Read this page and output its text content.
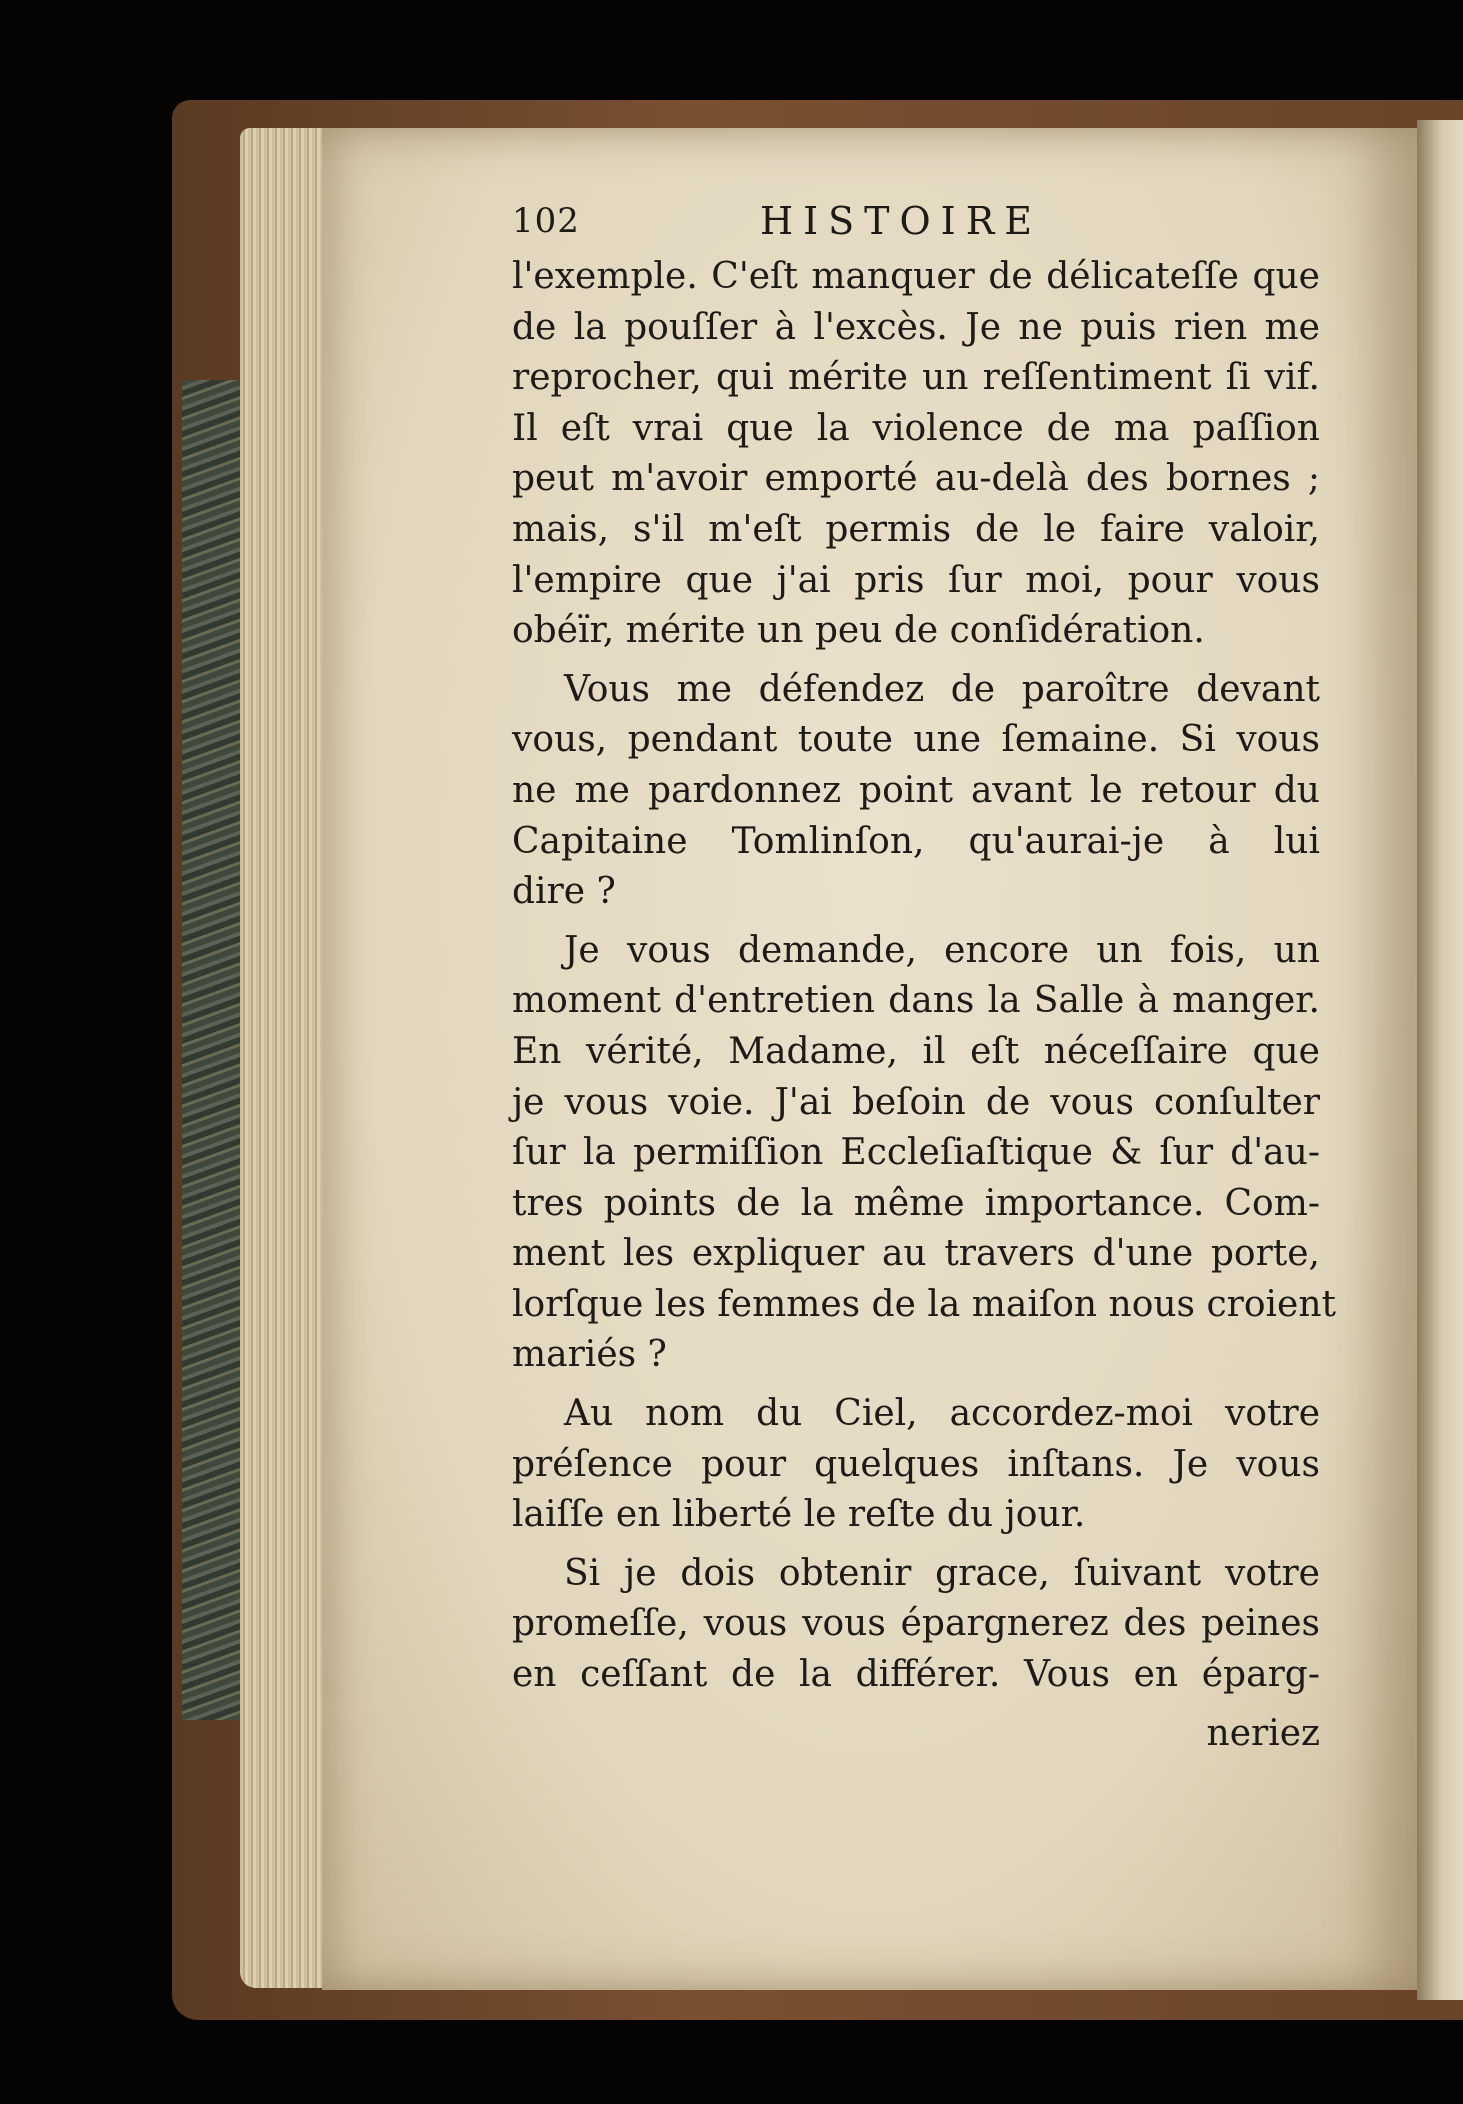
102	HISTOIRE
l'exemple. C'eſt manquer de délicateſſe que
de la pouſſer à l'excès. Je ne puis rien me
reprocher, qui mérite un reſſentiment ſi vif.
Il eſt vrai que la violence de ma paſſion
peut m'avoir emporté au-delà des bornes ;
mais, s'il m'eſt permis de le faire valoir,
l'empire que j'ai pris ſur moi, pour vous
obéïr, mérite un peu de conſidération.
Vous me défendez de paroître devant
vous, pendant toute une ſemaine. Si vous
ne me pardonnez point avant le retour du
Capitaine Tomlinſon, qu'aurai-je à lui
dire ?
Je vous demande, encore un fois, un
moment d'entretien dans la Salle à manger.
En vérité, Madame, il eſt néceſſaire que
je vous voie. J'ai beſoin de vous conſulter
ſur la permiſſion Eccleſiaſtique & ſur d'au-
tres points de la même importance. Com-
ment les expliquer au travers d'une porte,
lorſque les femmes de la maiſon nous croient
mariés ?
Au nom du Ciel, accordez-moi votre
préſence pour quelques inſtans. Je vous
laiſſe en liberté le reſte du jour.
Si je dois obtenir grace, ſuivant votre
promeſſe, vous vous épargnerez des peines
en ceſſant de la différer. Vous en éparg-
neriez
